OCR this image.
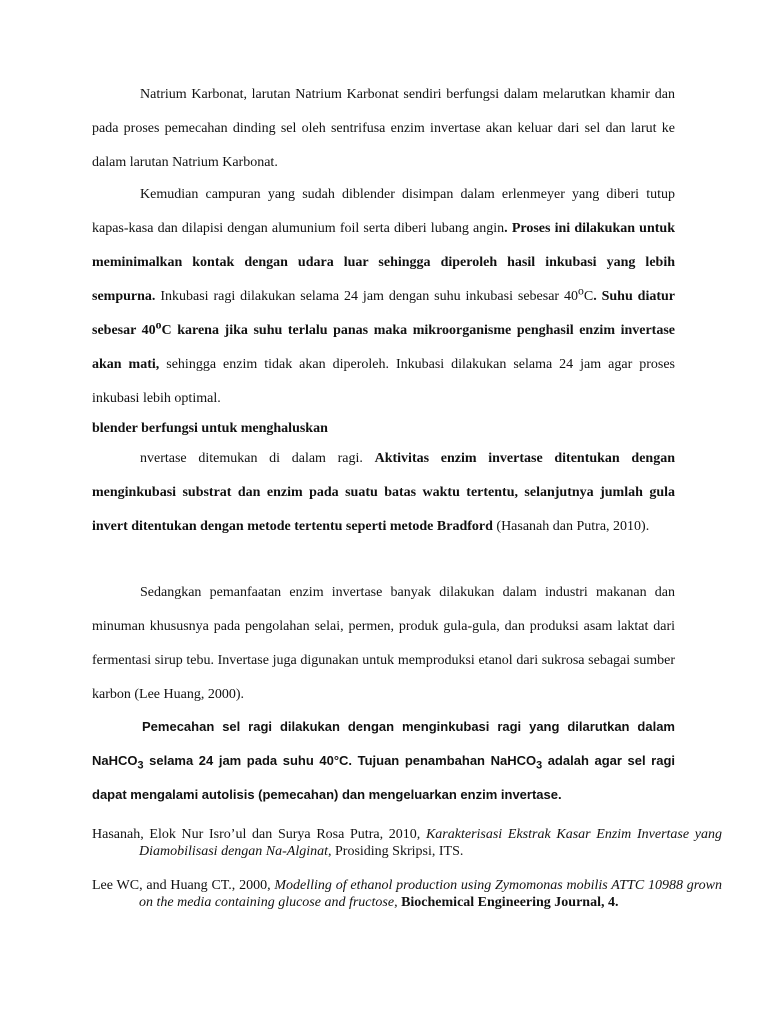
Natrium Karbonat, larutan Natrium Karbonat sendiri berfungsi dalam melarutkan khamir dan pada proses pemecahan dinding sel oleh sentrifusa enzim invertase akan keluar dari sel dan larut ke dalam larutan Natrium Karbonat.

Kemudian campuran yang sudah diblender disimpan dalam erlenmeyer yang diberi tutup kapas-kasa dan dilapisi dengan alumunium foil serta diberi lubang angin. Proses ini dilakukan untuk meminimalkan kontak dengan udara luar sehingga diperoleh hasil inkubasi yang lebih sempurna. Inkubasi ragi dilakukan selama 24 jam dengan suhu inkubasi sebesar 40$^o$C. Suhu diatur sebesar 40$^o$C karena jika suhu terlalu panas maka mikroorganisme penghasil enzim invertase akan mati, sehingga enzim tidak akan diperoleh. Inkubasi dilakukan selama 24 jam agar proses inkubasi lebih optimal.

blender berfungsi untuk menghaluskan

nvertase ditemukan di dalam ragi. Aktivitas enzim invertase ditentukan dengan menginkubasi substrat dan enzim pada suatu batas waktu tertentu, selanjutnya jumlah gula invert ditentukan dengan metode tertentu seperti metode Bradford (Hasanah dan Putra, 2010).

Sedangkan pemanfaatan enzim invertase banyak dilakukan dalam industri makanan dan minuman khususnya pada pengolahan selai, permen, produk gula-gula, dan produksi asam laktat dari fermentasi sirup tebu. Invertase juga digunakan untuk memproduksi etanol dari sukrosa sebagai sumber karbon (Lee Huang, 2000).

Pemecahan sel ragi dilakukan dengan menginkubasi ragi yang dilarutkan dalam NaHCO$_3$ selama 24 jam pada suhu 40°C. Tujuan penambahan NaHCO$_3$ adalah agar sel ragi dapat mengalami autolisis (pemecahan) dan mengeluarkan enzim invertase.

Hasanah, Elok Nur Isro’ul dan Surya Rosa Putra, 2010, Karakterisasi Ekstrak Kasar Enzim Invertase yang Diamobilisasi dengan Na-Alginat, Prosiding Skripsi, ITS.

Lee WC, and Huang CT., 2000, Modelling of ethanol production using Zymomonas mobilis ATTC 10988 grown on the media containing glucose and fructose, Biochemical Engineering Journal, 4.
